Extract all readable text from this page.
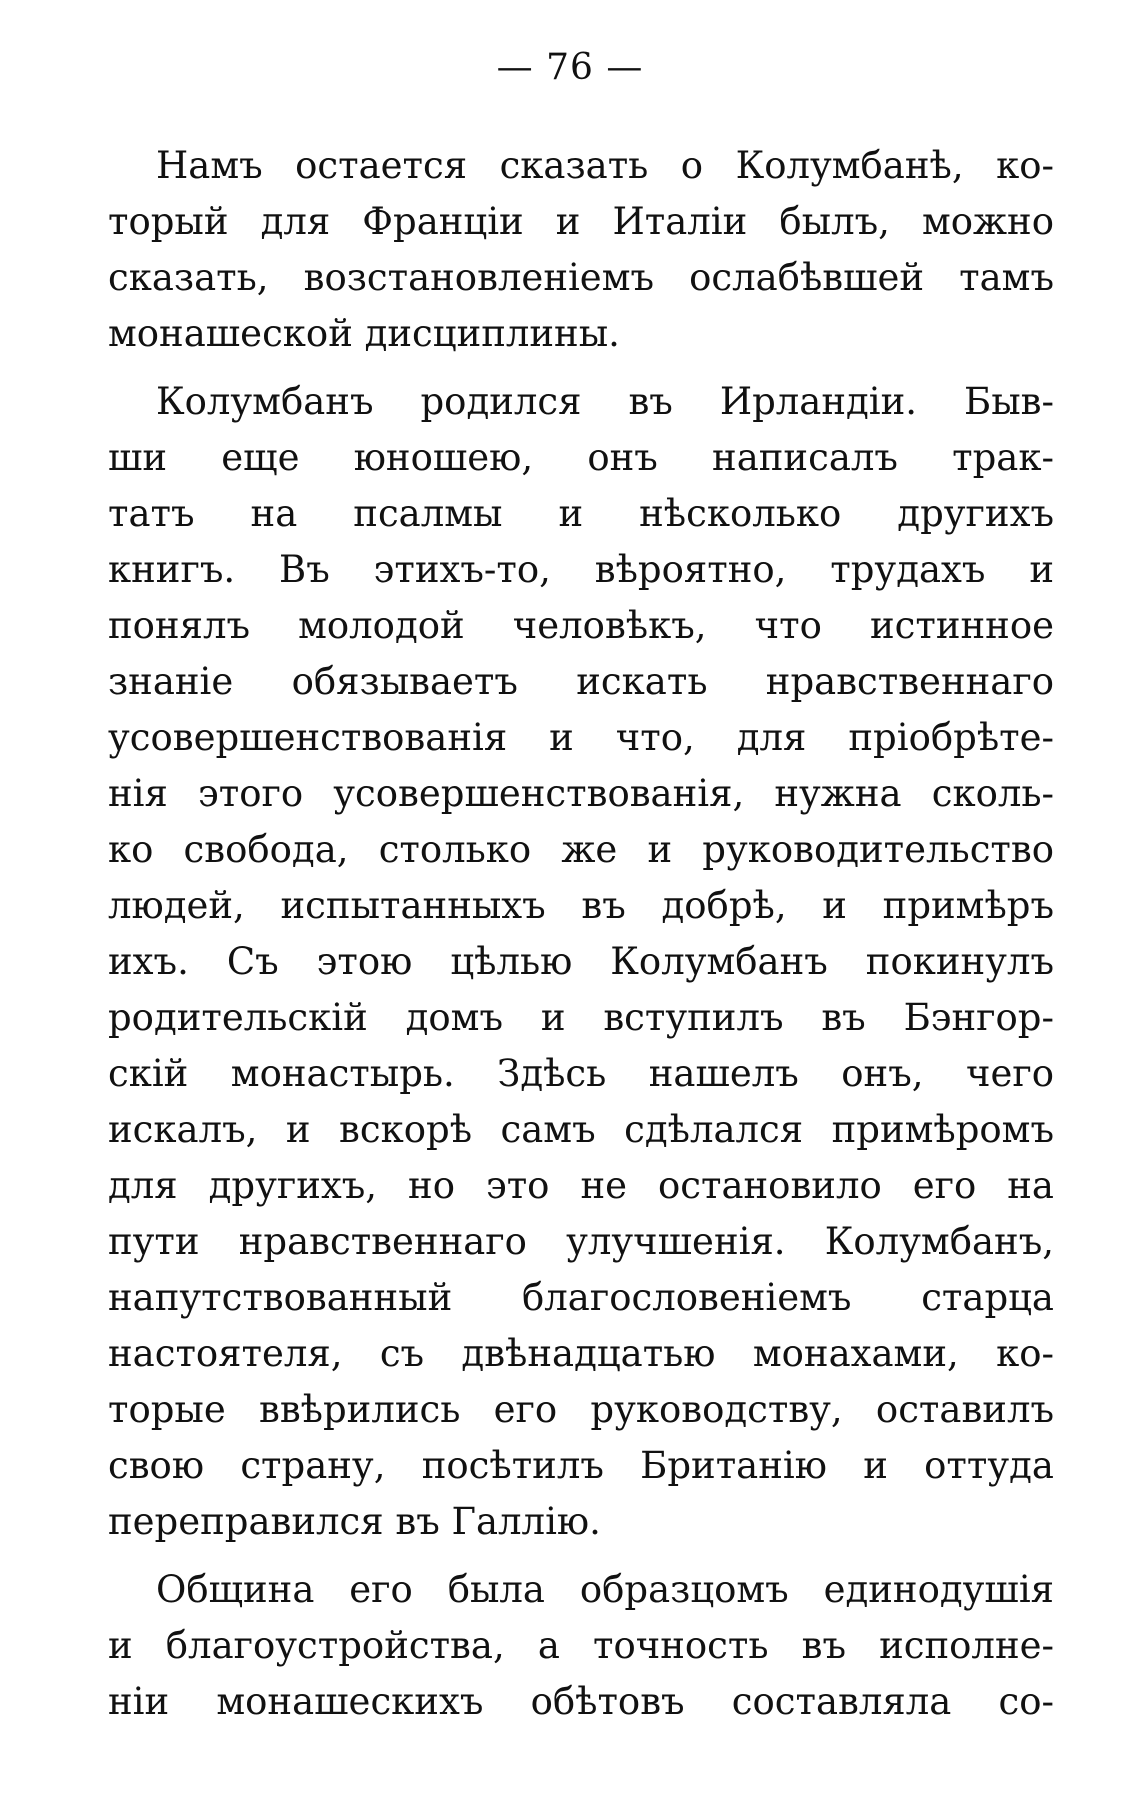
— 76 —
Намъ остается сказать о Колумбанѣ, ко-
торый для Франціи и Италіи былъ, можно
сказать, возстановленіемъ ослабѣвшей тамъ
монашеской дисциплины.
Колумбанъ родился въ Ирландіи. Быв-
ши еще юношею, онъ написалъ трак-
татъ на псалмы и нѣсколько другихъ
книгъ. Въ этихъ-то, вѣроятно, трудахъ и
понялъ молодой человѣкъ, что истинное
знаніе обязываетъ искать нравственнаго
усовершенствованія и что, для пріобрѣте-
нія этого усовершенствованія, нужна сколь-
ко свобода, столько же и руководительство
людей, испытанныхъ въ добрѣ, и примѣръ
ихъ. Съ этою цѣлью Колумбанъ покинулъ
родительскій домъ и вступилъ въ Бэнгор-
скій монастырь. Здѣсь нашелъ онъ, чего
искалъ, и вскорѣ самъ сдѣлался примѣромъ
для другихъ, но это не остановило его на
пути нравственнаго улучшенія. Колумбанъ,
напутствованный благословеніемъ старца
настоятеля, съ двѣнадцатью монахами, ко-
торые ввѣрились его руководству, оставилъ
свою страну, посѣтилъ Британію и оттуда
переправился въ Галлію.
Община его была образцомъ единодушія
и благоустройства, а точность въ исполне-
ніи монашескихъ обѣтовъ составляла со-
